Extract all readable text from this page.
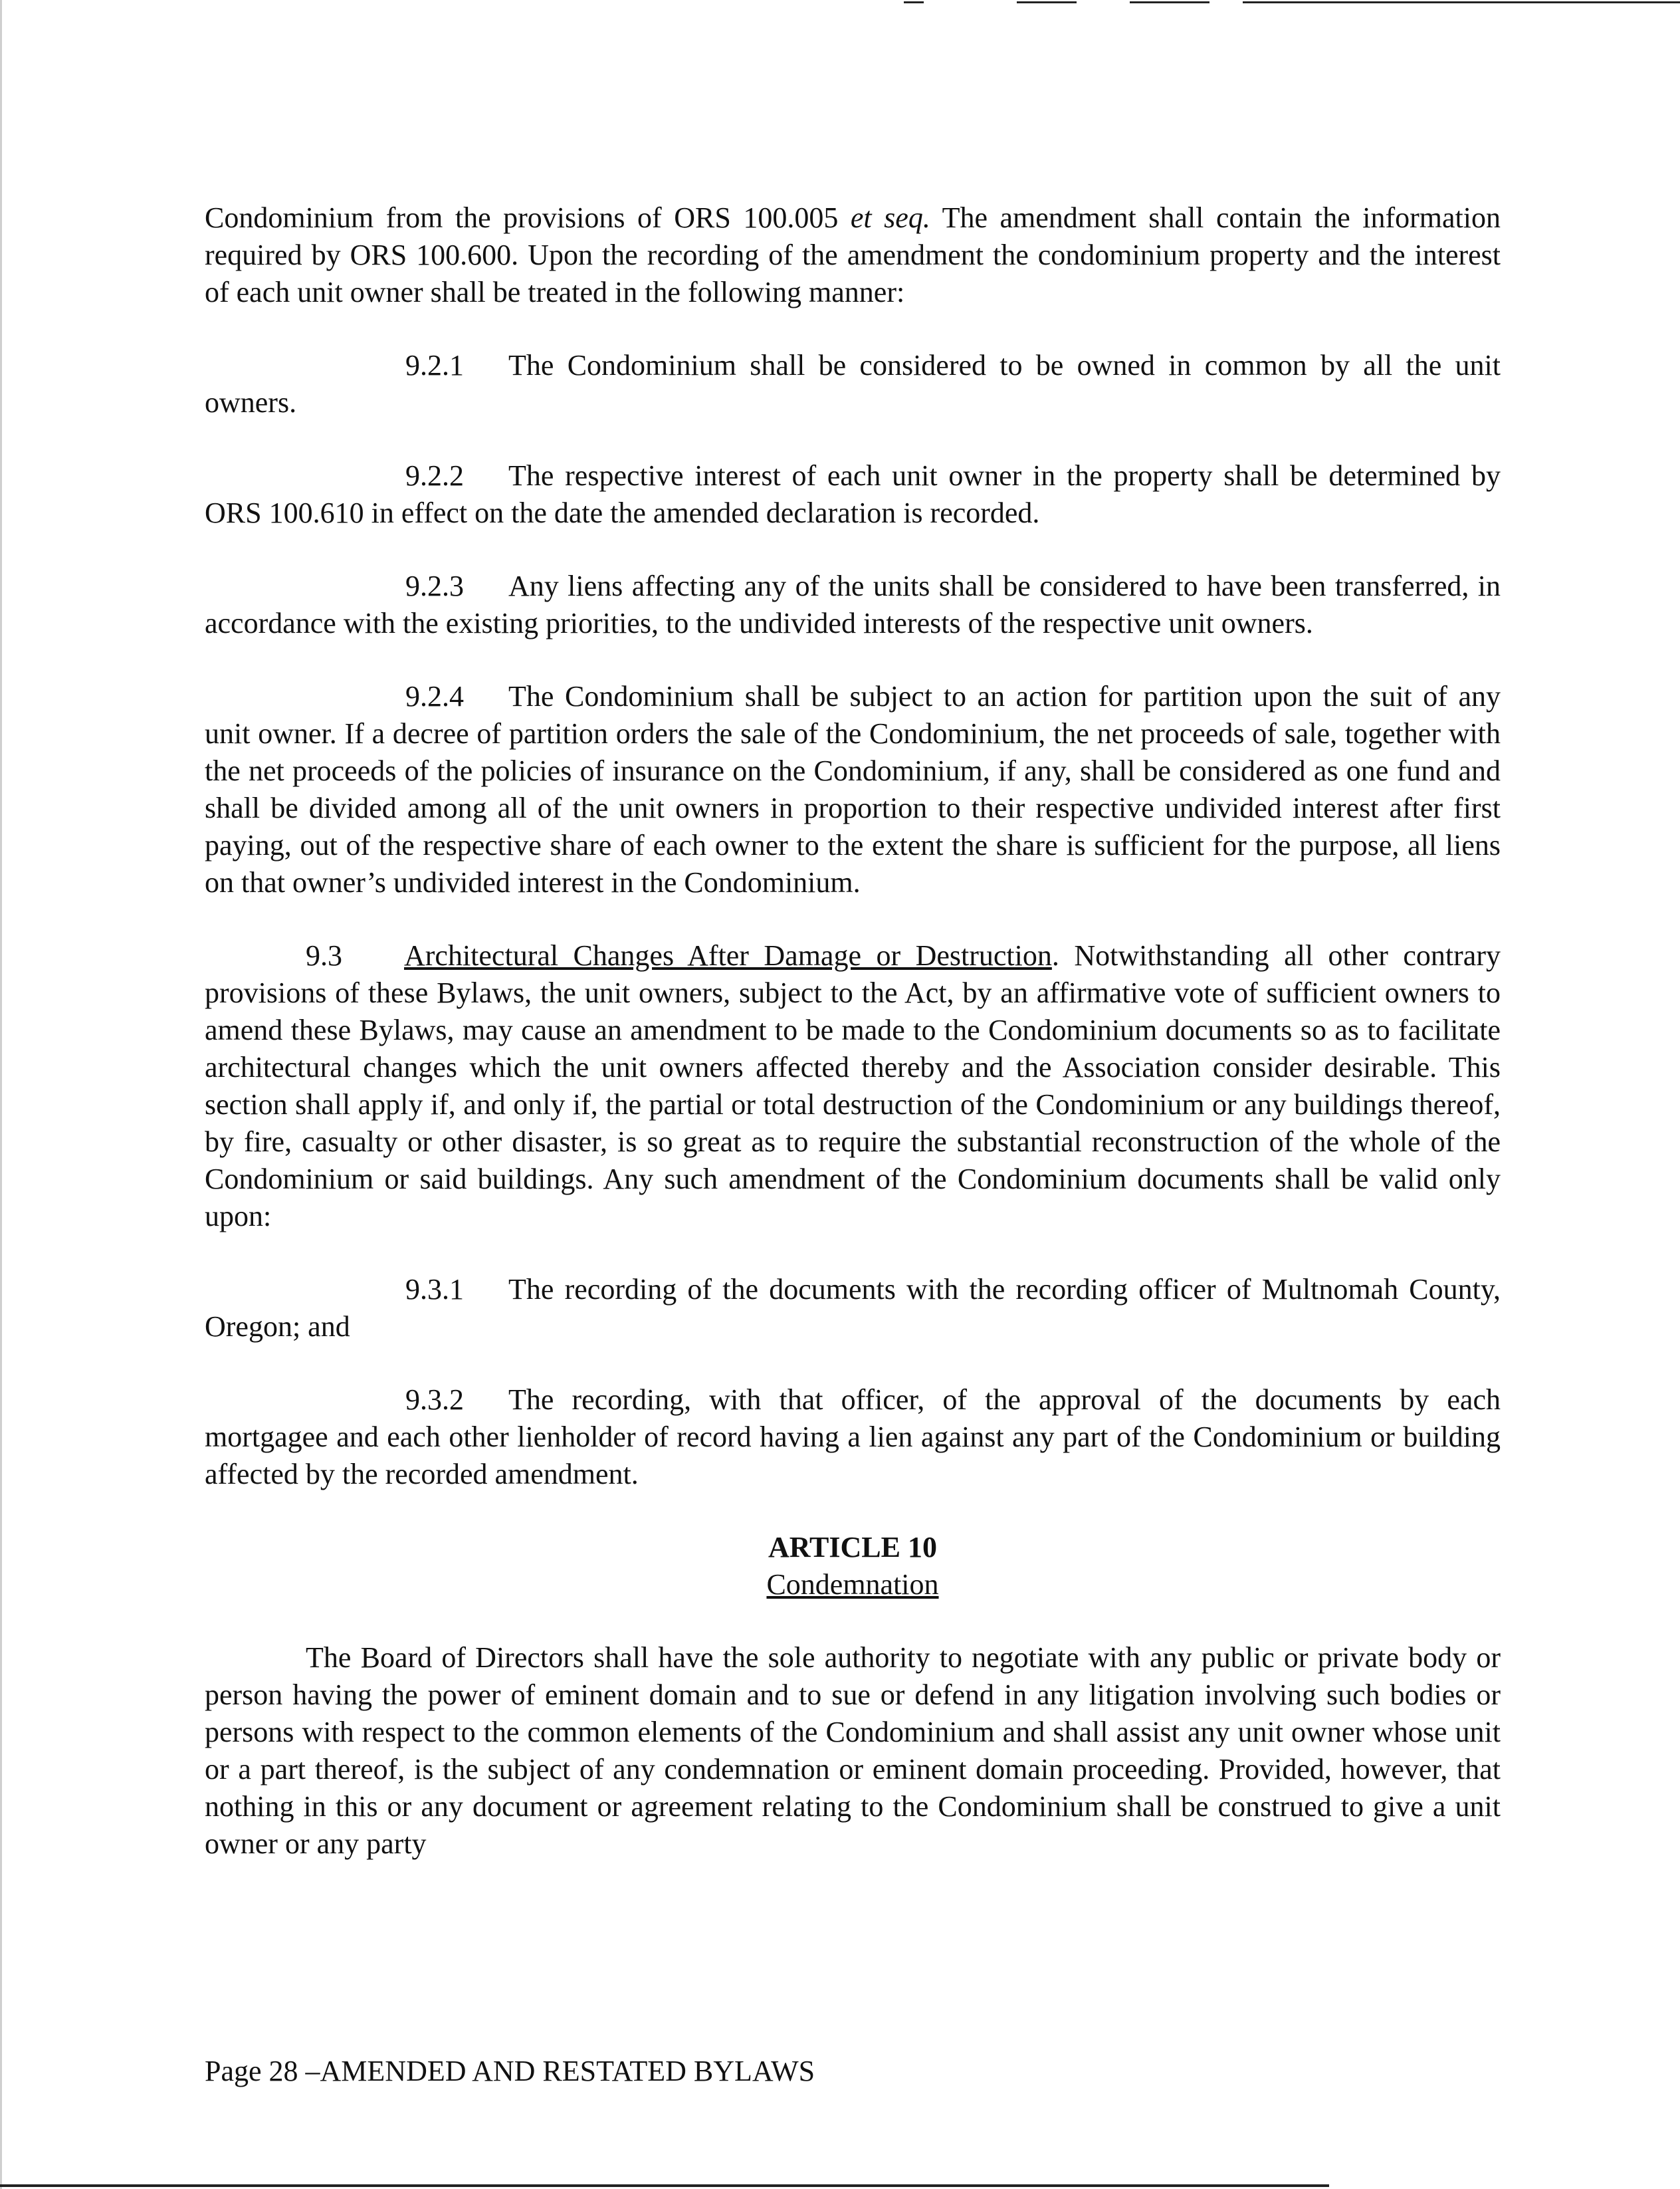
Condominium from the provisions of ORS 100.005 et seq. The amendment shall contain the information required by ORS 100.600. Upon the recording of the amendment the condominium property and the interest of each unit owner shall be treated in the following manner:

9.2.1 The Condominium shall be considered to be owned in common by all the unit owners.

9.2.2 The respective interest of each unit owner in the property shall be determined by ORS 100.610 in effect on the date the amended declaration is recorded.

9.2.3 Any liens affecting any of the units shall be considered to have been transferred, in accordance with the existing priorities, to the undivided interests of the respective unit owners.

9.2.4 The Condominium shall be subject to an action for partition upon the suit of any unit owner. If a decree of partition orders the sale of the Condominium, the net proceeds of sale, together with the net proceeds of the policies of insurance on the Condominium, if any, shall be considered as one fund and shall be divided among all of the unit owners in proportion to their respective undivided interest after first paying, out of the respective share of each owner to the extent the share is sufficient for the purpose, all liens on that owner’s undivided interest in the Condominium.

9.3 Architectural Changes After Damage or Destruction. Notwithstanding all other contrary provisions of these Bylaws, the unit owners, subject to the Act, by an affirmative vote of sufficient owners to amend these Bylaws, may cause an amendment to be made to the Condominium documents so as to facilitate architectural changes which the unit owners affected thereby and the Association consider desirable. This section shall apply if, and only if, the partial or total destruction of the Condominium or any buildings thereof, by fire, casualty or other disaster, is so great as to require the substantial reconstruction of the whole of the Condominium or said buildings. Any such amendment of the Condominium documents shall be valid only upon:

9.3.1 The recording of the documents with the recording officer of Multnomah County, Oregon; and

9.3.2 The recording, with that officer, of the approval of the documents by each mortgagee and each other lienholder of record having a lien against any part of the Condominium or building affected by the recorded amendment.

ARTICLE 10
Condemnation

The Board of Directors shall have the sole authority to negotiate with any public or private body or person having the power of eminent domain and to sue or defend in any litigation involving such bodies or persons with respect to the common elements of the Condominium and shall assist any unit owner whose unit or a part thereof, is the subject of any condemnation or eminent domain proceeding. Provided, however, that nothing in this or any document or agreement relating to the Condominium shall be construed to give a unit owner or any party

Page 28 –AMENDED AND RESTATED BYLAWS
